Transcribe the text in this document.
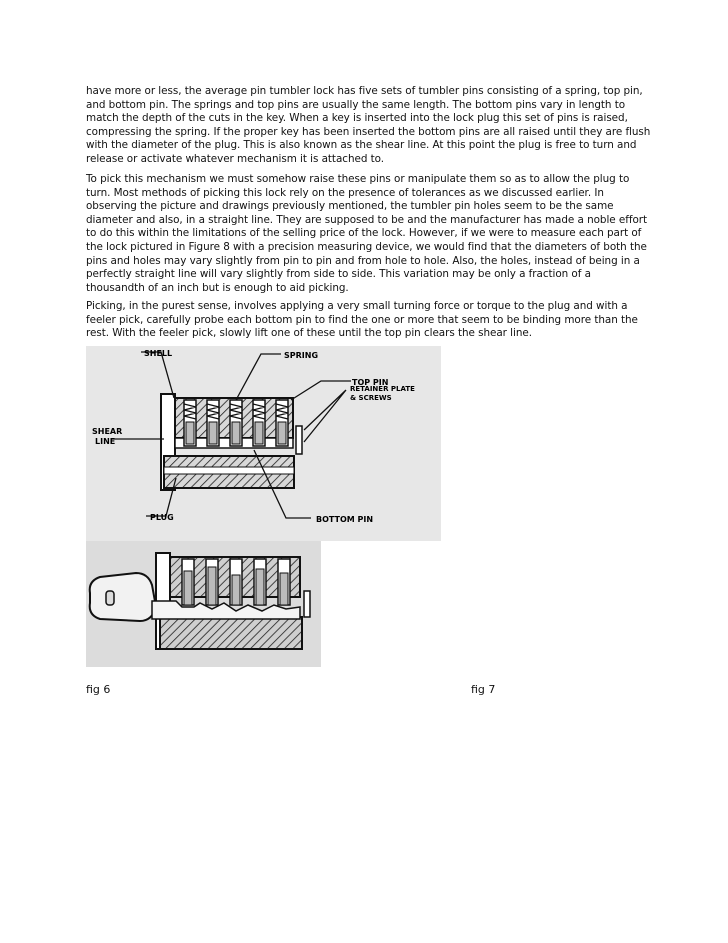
have more or less, the average pin tumbler lock has five sets of tumbler pins consisting of a spring, top pin, and bottom pin. The springs and top pins are usually the same length. The bottom pins vary in length to match the depth of the cuts in the key. When a key is inserted into the lock plug this set of pins is raised, compressing the spring. If the proper key has been inserted the bottom pins are all raised until they are flush with the diameter of the plug. This is also known as the shear line. At this point the plug is free to turn and release or activate whatever mechanism it is attached to.

To pick this mechanism we must somehow raise these pins or manipulate them so as to allow the plug to turn. Most methods of picking this lock rely on the presence of tolerances as we discussed earlier. In observing the picture and drawings previously mentioned, the tumbler pin holes seem to be the same diameter and also, in a straight line. They are supposed to be and the manufacturer has made a noble effort to do this within the limitations of the selling price of the lock. However, if we were to measure each part of the lock pictured in Figure 8 with a precision measuring device, we would find that the diameters of both the pins and holes may vary slightly from pin to pin and from hole to hole. Also, the holes, instead of being in a perfectly straight line will vary slightly from side to side. This variation may be only a fraction of a thousandth of an inch but is enough to aid picking.

Picking, in the purest sense, involves applying a very small turning force or torque to the plug and with a feeler pick, carefully probe each bottom pin to find the one or more that seem to be binding more than the rest. With the feeler pick, slowly lift one of these until the top pin clears the shear line.

SHELL	SPRING
TOP PIN
RETAINER PLATE
& SCREWS
SHEAR
LINE
PLUG	BOTTOM PIN
fig 6	fig 7
